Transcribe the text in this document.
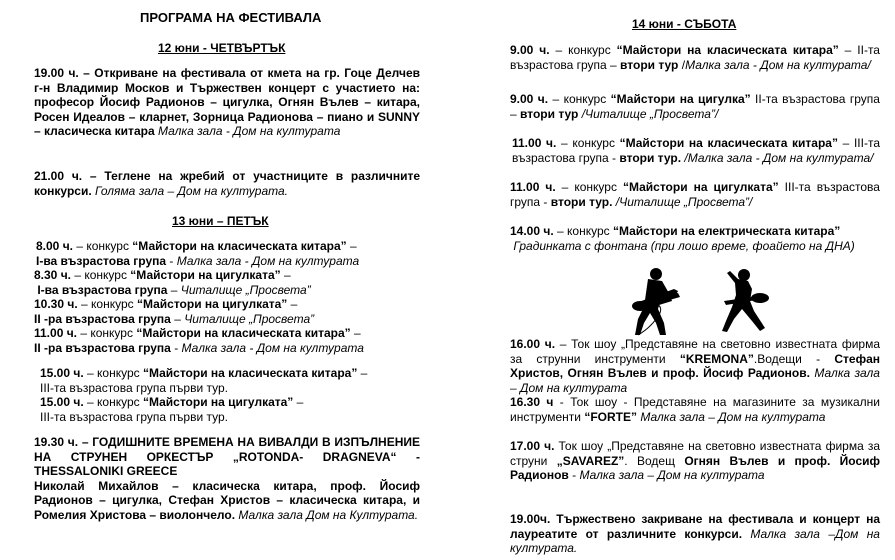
ПРОГРАМА НА ФЕСТИВАЛА
12 юни - ЧЕТВЪРТЪК
19.00 ч. – Откриване на фестивала от кмета на гр. Гоце Делчев г-н Владимир Москов и Тържествен концерт с участието на: професор Йосиф Радионов – цигулка, Огнян Вълев – китара, Росен Идеалов – кларнет, Зорница Радионова – пиано и SUNNY – класическа китара Малка зала - Дом на културата
21.00 ч. – Теглене на жребий от участниците в различните конкурси. Голяма зала – Дом на културата.
13 юни – ПЕТЪК
8.00 ч. – конкурс “Майстори на класическата китара” –
I-ва възрастова група - Малка зала - Дом на културата
8.30 ч. – конкурс “Майстори на цигулката” –
I-ва възрастова група – Читалище „Просвета”
10.30 ч. – конкурс “Майстори на цигулката” –
II -ра възрастова група – Читалище „Просвета”
11.00 ч. – конкурс “Майстори на класическата китара” –
II -ра възрастова група - Малка зала - Дом на културата
15.00 ч. – конкурс “Майстори на класическата китара” –
III-та възрастова група първи тур.
15.00 ч. – конкурс “Майстори на цигулката” –
III-та възрастова група първи тур.
19.30 ч. – ГОДИШНИТЕ ВРЕМЕНА НА ВИВАЛДИ В ИЗПЪЛНЕНИЕ НА СТРУНЕН ОРКЕСТЪР „ROTONDA- DRAGNEVA“ - THESSALONIKI GREECE
Николай Михайлов – класическа китара, проф. Йосиф Радионов – цигулка, Стефан Христов – класическа китара, и Ромелия Христова – виолончело. Малка зала Дом на Културата.
14 юни - СЪБОТА
9.00 ч. – конкурс “Майстори на класическата китара” – II-та възрастова група – втори тур /Малка зала - Дом на културата/
9.00 ч. – конкурс “Майстори на цигулка” II-та възрастова група – втори тур /Читалище „Просвета”/
11.00 ч. – конкурс “Майстори на класическата китара” – III-та възрастова група - втори тур. /Малка зала - Дом на културата/
11.00 ч. – конкурс “Майстори на цигулката” III-та възрастова група - втори тур. /Читалище „Просвета”/
14.00 ч. – конкурс “Майстори на електрическата китара”
Градинката с фонтана (при лошо време, фоайето на ДНА)
16.00 ч. – Ток шоу „Представяне на световно известната фирма за струнни инструменти “KREMONA”.Водещи - Стефан Христов, Огнян Вълев и проф. Йосиф Радионов. Малка зала – Дом на културата
16.30 ч - Ток шоу - Представяне на магазините за музикални инструменти “FORTE” Малка зала – Дом на културата
17.00 ч. Ток шоу „Представяне на световно известната фирма за струни „SAVAREZ”. Водещ Огнян Вълев и проф. Йосиф Радионов - Малка зала – Дом на културата
19.00ч. Тържествено закриване на фестивала и концерт на лауреатите от различните конкурси. Малка зала –Дом на културата.
